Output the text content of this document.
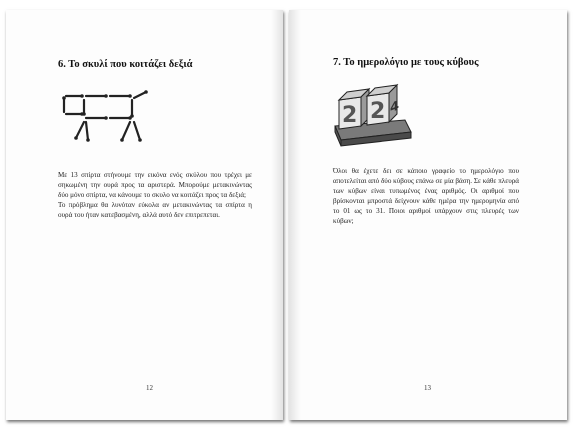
6. Το σκυλί που κοιτάζει δεξιά

Με 13 σπίρτα στήνουμε την εικόνα ενός σκύλου που τρέχει με σηκωμένη την ουρά προς τα αριστερά. Μπορούμε μετακινώντας δύο μόνο σπίρτα, να κάνουμε το σκυλο να κοιτάζει προς τα δεξιά;

Το πρόβλημα θα λυνόταν εύκολα αν μετακινώντας τα σπίρτα η ουρά του ήταν κατεβασμένη, αλλά αυτό δεν επιτρεπεται.

12
7. Το ημερολόγιο με τους κύβους
2 2 4

Όλοι θα έχετε δει σε κάποιο γραφείο το ημερολόγιο που αποτελείται από δύο κύβους επάνω σε μία βάση. Σε κάθε πλευρά των κύβων είναι τυπωμένος ένας αριθμός. Οι αριθμοί που βρίσκονται μπροστά δείχνουν κάθε ημέρα την ημερομηνία από το 01 ως το 31. Ποιοι αριθμοί υπάρχουν στις πλευρές των κύβων;

13
